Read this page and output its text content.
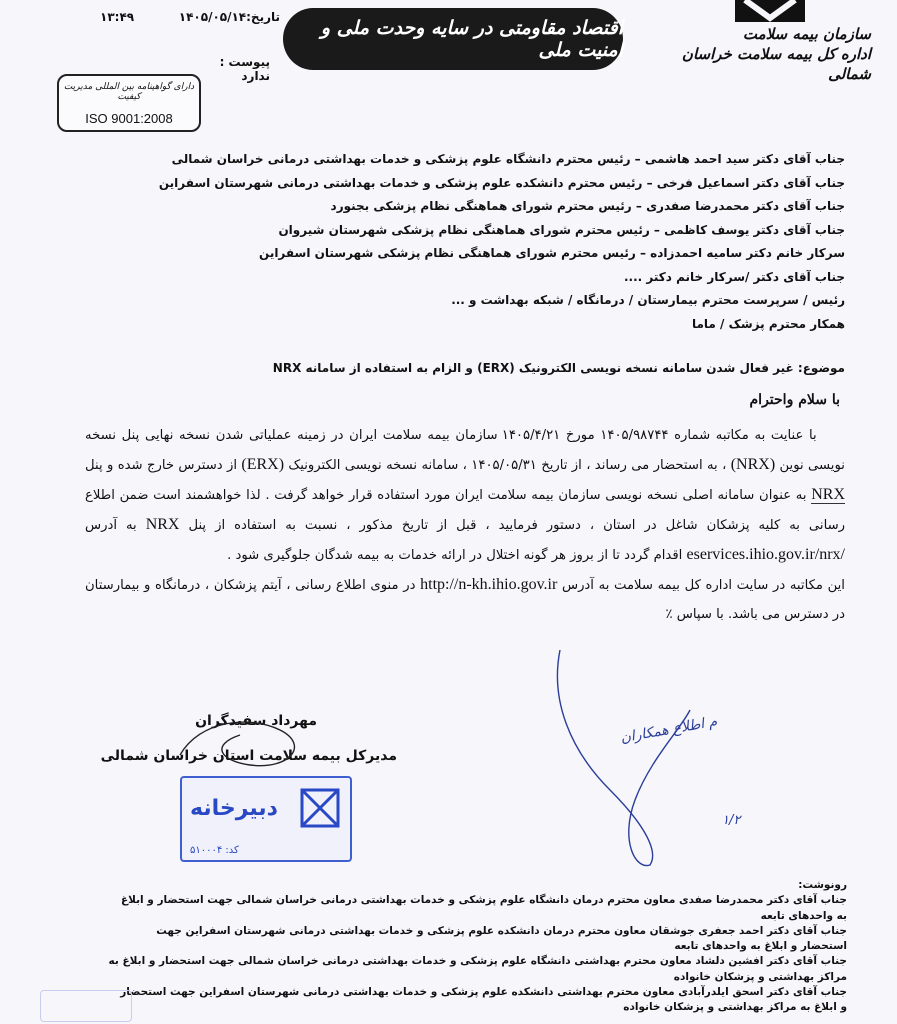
سازمان بیمه سلامت
اداره کل بیمه سلامت خراسان شمالی
اقتصاد مقاومتی در سایه وحدت ملی و امنیت ملی
تاریخ:۱۴۰۵/۰۵/۱۴
۱۳:۴۹
پیوست :  ندارد
دارای گواهینامه بین المللی مدیریت کیفیت
ISO 9001:2008
جناب آقای دکتر سید احمد هاشمی – رئیس محترم دانشگاه علوم پزشکی و خدمات بهداشتی درمانی خراسان شمالی
جناب آقای دکتر اسماعیل فرخی – رئیس محترم دانشکده علوم پزشکی و خدمات بهداشتی درمانی شهرستان اسفراین
جناب آقای دکتر محمدرضا صفدری – رئیس محترم شورای هماهنگی نظام پزشکی بجنورد
جناب آقای دکتر یوسف کاظمی – رئیس محترم شورای هماهنگی نظام پزشکی شهرستان شیروان
سرکار خانم دکتر سامیه احمدزاده – رئیس محترم شورای هماهنگی نظام پزشکی شهرستان اسفراین
جناب آقای دکتر /سرکار خانم دکتر ....
رئیس / سرپرست محترم بیمارستان / درمانگاه / شبکه بهداشت و ...
همکار محترم پزشک / ماما
موضوع: غیر فعال شدن سامانه نسخه نویسی الکترونیک (ERX) و الزام به استفاده از سامانه NRX
با سلام واحترام

با عنایت به مکاتبه شماره ۱۴۰۵/۹۸۷۴۴ مورخ ۱۴۰۵/۴/۲۱ سازمان بیمه سلامت ایران در زمینه عملیاتی شدن نسخه نهایی پنل نسخه نویسی نوین (NRX) ، به استحضار می رساند ، از تاریخ ۱۴۰۵/۰۵/۳۱ ، سامانه نسخه نویسی الکترونیک (ERX) از دسترس خارج شده و پنل NRX به عنوان سامانه اصلی نسخه نویسی سازمان بیمه سلامت ایران مورد استفاده قرار خواهد گرفت . لذا خواهشمند است ضمن اطلاع رسانی به کلیه پزشکان شاغل در استان ، دستور فرمایید ، قبل از تاریخ مذکور ، نسبت به استفاده از پنل NRX به آدرس eservices.ihio.gov.ir/nrx/ اقدام گردد تا از بروز هر گونه اختلال در ارائه خدمات به بیمه شدگان جلوگیری شود .

این مکاتبه در سایت اداره کل بیمه سلامت به آدرس http://n-kh.ihio.gov.ir در منوی اطلاع رسانی ، آیتم پزشکان ، درمانگاه و بیمارستان در دسترس می باشد. با سپاس ٪

مهرداد سفیدگران
مدیرکل بیمه سلامت استان خراسان شمالی
م اطلاع همکاران
۱/۲
دبیرخانه
کد: ۵۱۰۰۰۴
رونوشت:
جناب آقای دکتر محمدرضا صفدی معاون محترم درمان دانشگاه علوم پزشکی و خدمات بهداشتی درمانی خراسان شمالی جهت استحضار و ابلاغ
به واحدهای تابعه
جناب آقای دکتر احمد جعفری جوشقان معاون محترم درمان دانشکده علوم پزشکی و خدمات بهداشتی درمانی شهرستان اسفراین جهت
استحضار و ابلاغ به واحدهای تابعه
جناب آقای دکتر افشین دلشاد معاون محترم بهداشتی دانشگاه علوم پزشکی و خدمات بهداشتی درمانی خراسان شمالی جهت استحضار و ابلاغ به
مراکز بهداشتی و پزشکان خانواده
جناب آقای دکتر اسحق ایلدرآبادی معاون محترم بهداشتی دانشکده علوم پزشکی و خدمات بهداشتی درمانی شهرستان اسفراین جهت استحضار
و ابلاغ به مراکز بهداشتی و پزشکان خانواده
